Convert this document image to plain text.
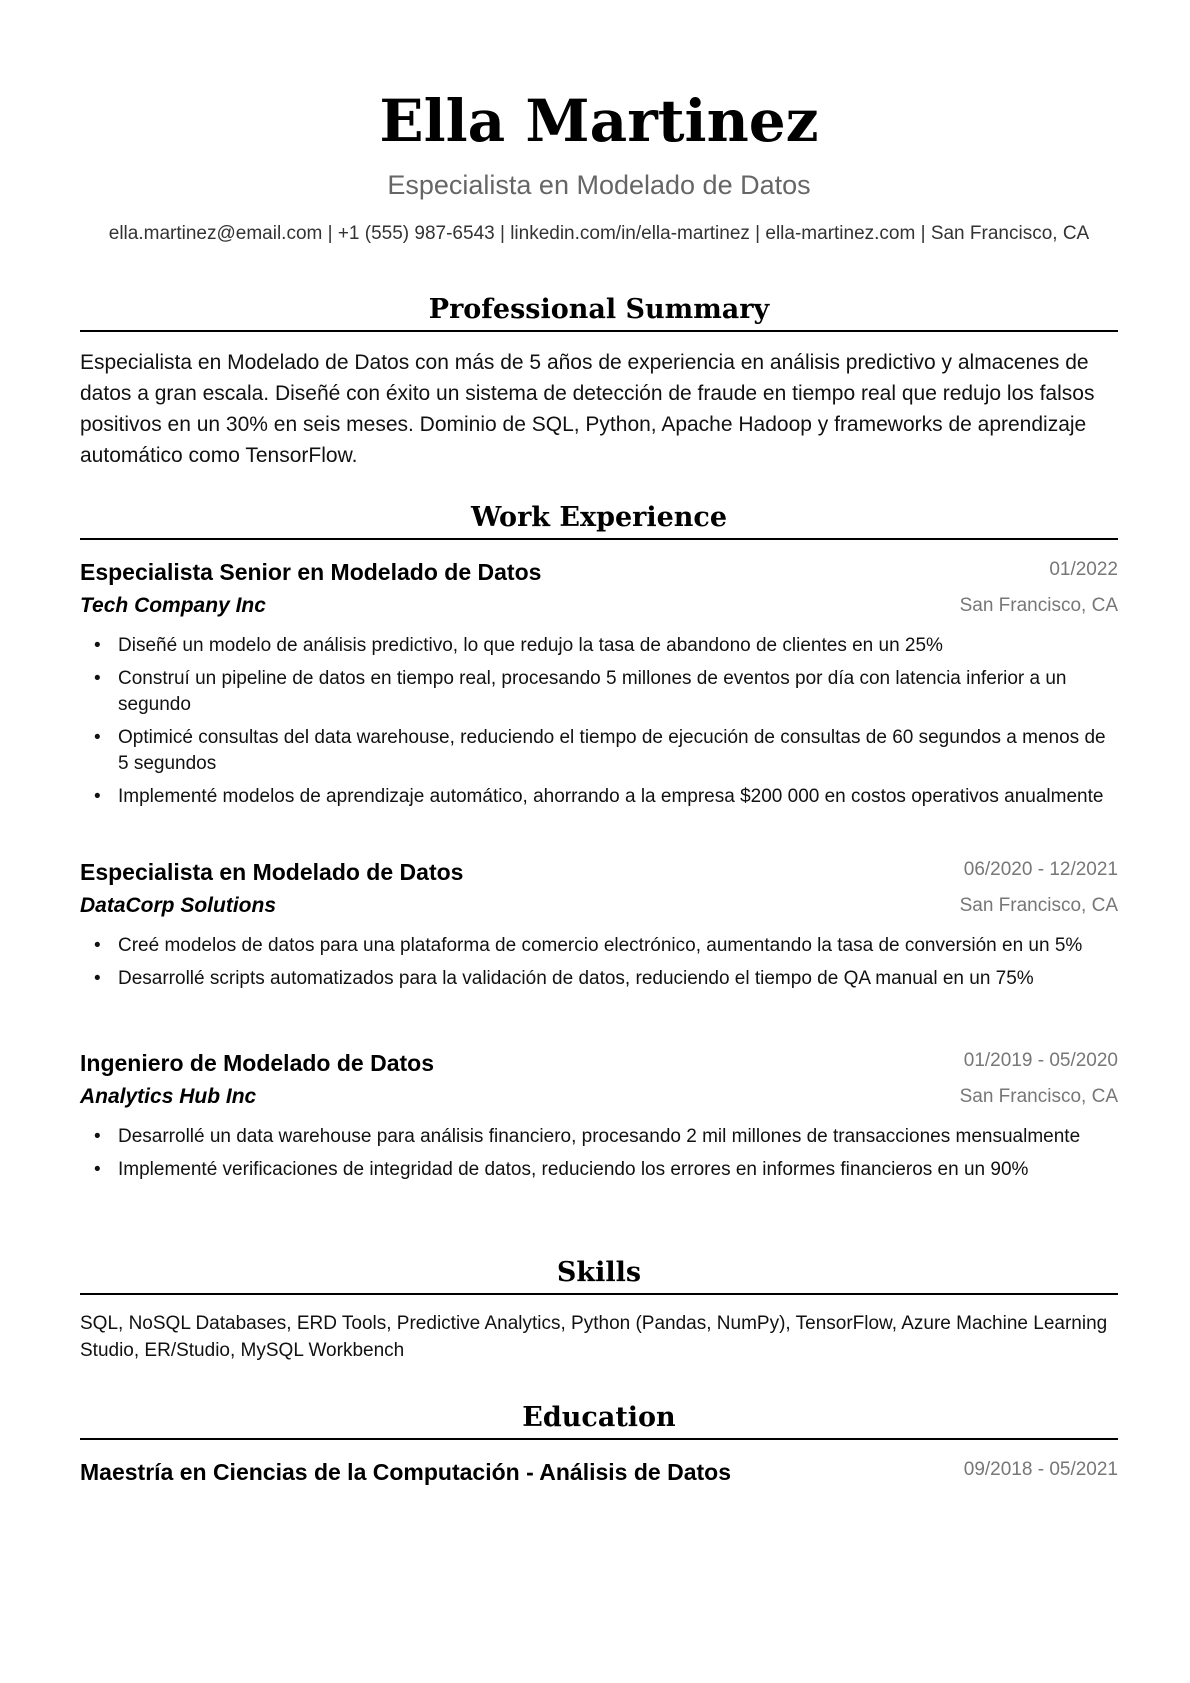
Ella Martinez
Especialista en Modelado de Datos
ella.martinez@email.com | +1 (555) 987-6543 | linkedin.com/in/ella-martinez | ella-martinez.com | San Francisco, CA
Professional Summary
Especialista en Modelado de Datos con más de 5 años de experiencia en análisis predictivo y almacenes de datos a gran escala. Diseñé con éxito un sistema de detección de fraude en tiempo real que redujo los falsos positivos en un 30% en seis meses. Dominio de SQL, Python, Apache Hadoop y frameworks de aprendizaje automático como TensorFlow.
Work Experience
Especialista Senior en Modelado de Datos	01/2022
Tech Company Inc	San Francisco, CA
• Diseñé un modelo de análisis predictivo, lo que redujo la tasa de abandono de clientes en un 25%
• Construí un pipeline de datos en tiempo real, procesando 5 millones de eventos por día con latencia inferior a un segundo
• Optimicé consultas del data warehouse, reduciendo el tiempo de ejecución de consultas de 60 segundos a menos de 5 segundos
• Implementé modelos de aprendizaje automático, ahorrando a la empresa $200 000 en costos operativos anualmente
Especialista en Modelado de Datos	06/2020 - 12/2021
DataCorp Solutions	San Francisco, CA
• Creé modelos de datos para una plataforma de comercio electrónico, aumentando la tasa de conversión en un 5%
• Desarrollé scripts automatizados para la validación de datos, reduciendo el tiempo de QA manual en un 75%
Ingeniero de Modelado de Datos	01/2019 - 05/2020
Analytics Hub Inc	San Francisco, CA
• Desarrollé un data warehouse para análisis financiero, procesando 2 mil millones de transacciones mensualmente
• Implementé verificaciones de integridad de datos, reduciendo los errores en informes financieros en un 90%
Skills
SQL, NoSQL Databases, ERD Tools, Predictive Analytics, Python (Pandas, NumPy), TensorFlow, Azure Machine Learning Studio, ER/Studio, MySQL Workbench
Education
Maestría en Ciencias de la Computación - Análisis de Datos	09/2018 - 05/2021
